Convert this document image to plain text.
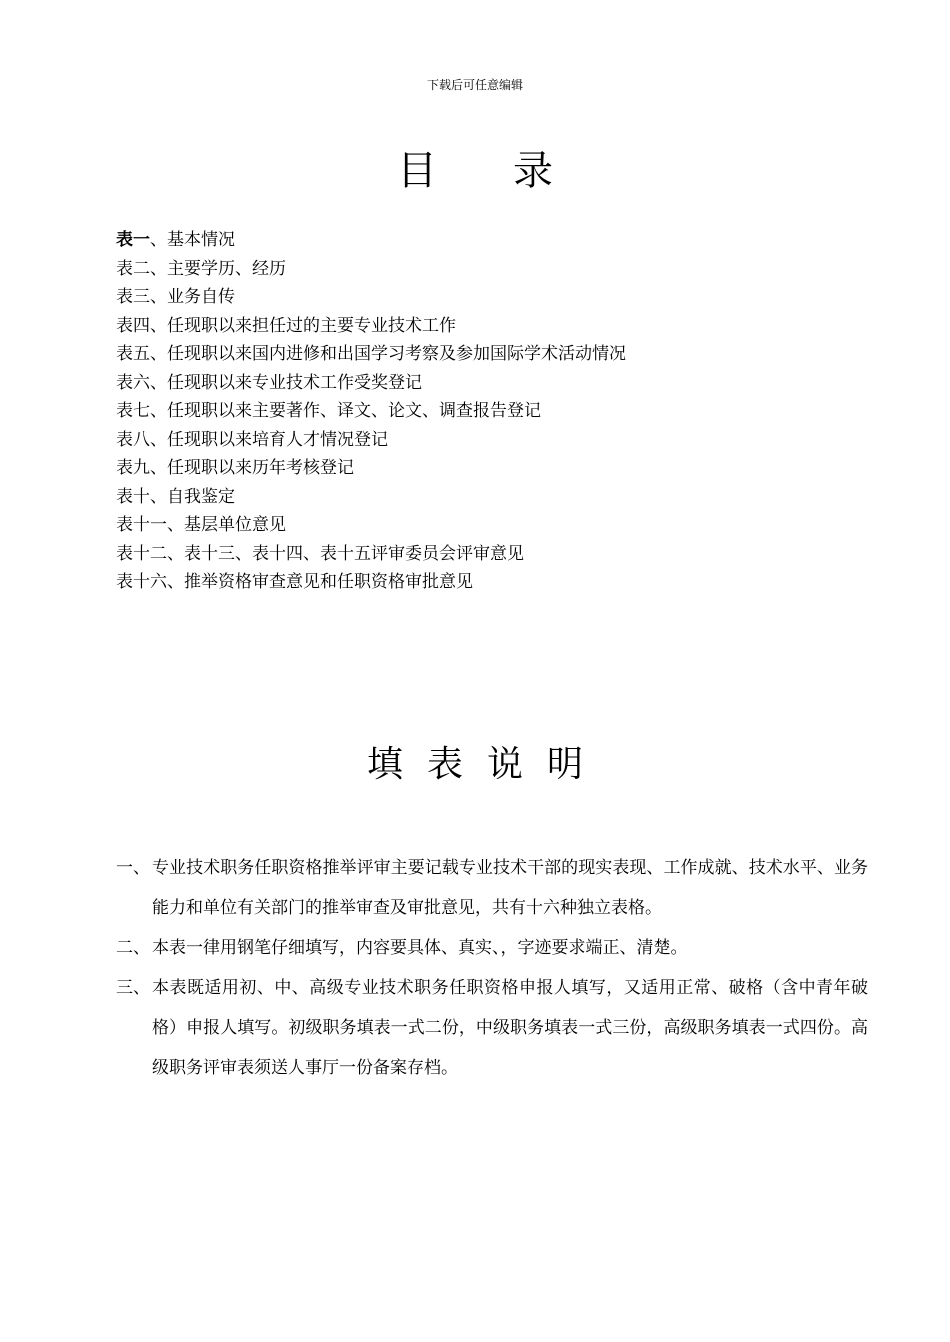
下载后可任意编辑
目 录
表一、基本情况
表二、主要学历、经历
表三、业务自传
表四、任现职以来担任过的主要专业技术工作
表五、任现职以来国内进修和出国学习考察及参加国际学术活动情况
表六、任现职以来专业技术工作受奖登记
表七、任现职以来主要著作、译文、论文、调查报告登记
表八、任现职以来培育人才情况登记
表九、任现职以来历年考核登记
表十、自我鉴定
表十一、基层单位意见
表十二、表十三、表十四、表十五评审委员会评审意见
表十六、推举资格审查意见和任职资格审批意见
填表说明
一、 专业技术职务任职资格推举评审主要记载专业技术干部的现实表现、工作成就、技术水平、业务能力和单位有关部门的推举审查及审批意见，共有十六种独立表格。
二、 本表一律用钢笔仔细填写，内容要具体、真实、，字迹要求端正、清楚。
三、 本表既适用初、中、高级专业技术职务任职资格申报人填写，又适用正常、破格（含中青年破格）申报人填写。初级职务填表一式二份，中级职务填表一式三份，高级职务填表一式四份。高级职务评审表须送人事厅一份备案存档。
